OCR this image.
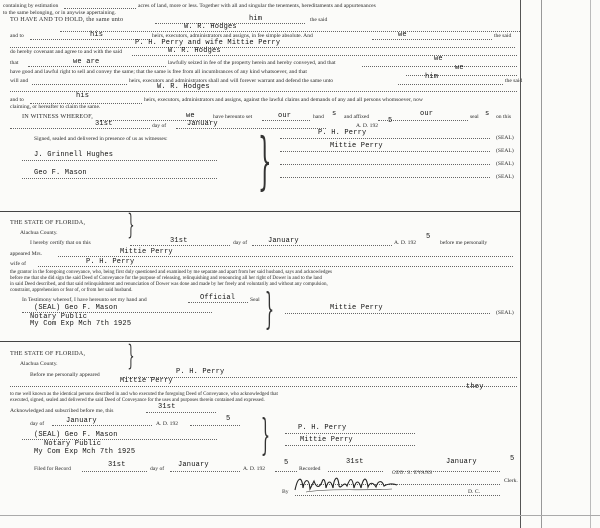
containing by estimation	acres of land, more or less. Together with all and singular the tenements, hereditaments and appurtenances
to the same belonging, or in anywise appertaining.
TO HAVE AND TO HOLD, the same unto	him	the said
W. R. Hodges
and to	his	heirs, executors, administrators and assigns, in fee simple absolute. And	we	the said
P. H. Perry and wife Mittie Perry
do hereby covenant and agree to and with the said	W. R. Hodges
that	we are	lawfully seized in fee of the property herein and hereby conveyed, and that	we
have good and lawful right to sell and convey the same; that the same is free from all incumbrances of any kind whatsoever, and that	we
will and	heirs, executors and administrators shall and will forever warrant and defend the same unto	him	the said
W. R. Hodges
and to	his	heirs, executors, administrators and assigns, against the lawful claims and demands of any and all persons whomsoever, now
claiming, or hereafter to claim the same.
IN WITNESS WHEREOF,	we	have hereunto set	our	hand s and affixed	our	seal s on this
31st	day of	January	A. D. 192
5
Signed, sealed and delivered in presence of us as witnesses:
J. Grinnell Hughes
Geo F. Mason	}	P. H. Perry
(SEAL)
Mittie Perry
(SEAL)
(SEAL)
(SEAL)
THE STATE OF FLORIDA, }
Alachua County.
I hereby certify that on this	31st	day of	January	A. D. 192
5
before me personally
appeared Mrs.	Mittie Perry
wife of	P. H. Perry
the grantor in the foregoing conveyance, who, being first duly questioned and examined by me separate and apart from her said husband, says and acknowledges
before me that she did sign the said Deed of Conveyance for the purpose of releasing, relinquishing and renouncing all her right of Dower in and to the land
in said Deed described, and that said relinquishment and renunciation of Dower was done and made by her freely and voluntarily and without any compulsion,
constraint, apprehension or fear of, or from her said husband.
In Testimony whereof, I have hereunto set my hand and	Official	Seal
(SEAL) Geo F. Mason
Notary Public
My Com Exp Mch 7th 1925	}	Mittie Perry
(SEAL)
THE STATE OF FLORIDA, }
Alachua County.
Before me personally appeared	P. H. Perry
Mittie Perry
they
to me well known as the identical persons described in and who executed the foregoing Deed of Conveyance, who acknowledged that
executed, signed, sealed and delivered the said Deed of Conveyance for the uses and purposes therein contained and expressed.
Acknowledged and subscribed before me, this	31st
day of	January	A. D. 192
5
(SEAL) Geo F. Mason
Notary Public
My Com Exp Mch 7th 1925	}	P. H. Perry
Mittie Perry
Filed for Record	31st	day of January	A. D. 192
5
Recorded
31st	January	5
GEO. S. EVANS
Clerk.
By	D. C.
